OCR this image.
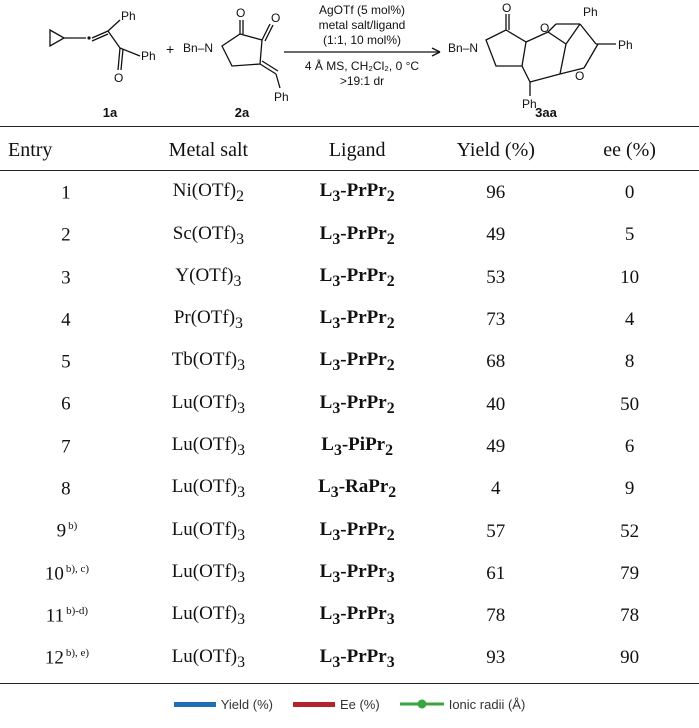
Ph
Ph
O
+ Bn–N
O O
Ph
O
Bn–N
O
Ph
Ph
O
Ph
AgOTf (5 mol%)
metal salt/ligand
(1:1, 10 mol%)
4 Å MS, CH₂Cl₂, 0 °C
>19:1 dr
1a	2a	3aa
Entry	Metal salt	Ligand	Yield (%)	ee (%)
1	$Ni(OTf)_2$	$L_3-PrPr_2$	96	0
2	$Sc(OTf)_3$	$L_3-PrPr_2$	49	5
3	$Y(OTf)_3$	$L_3-PrPr_2$	53	10
4	$Pr(OTf)_3$	$L_3-PrPr_2$	73	4
5	$Tb(OTf)_3$	$L_3-PrPr_2$	68	8
6	$Lu(OTf)_3$	$L_3-PrPr_2$	40	50
7	$Lu(OTf)_3$	$L_3-PiPr_2$	49	6
8	$Lu(OTf)_3$	$L_3-RaPr_2$	4	9
9 $^{b)}$	$Lu(OTf)_3$	$L_3-PrPr_2$	57	52
10 $^{b), c)}$	$Lu(OTf)_3$	$L_3-PrPr_3$	61	79
11 $^{b)-d)}$	$Lu(OTf)_3$	$L_3-PrPr_3$	78	78
12 $^{b), e)}$	$Lu(OTf)_3$	$L_3-PrPr_3$	93	90
Yield (%)	Ee (%)	Ionic radii (Å)
